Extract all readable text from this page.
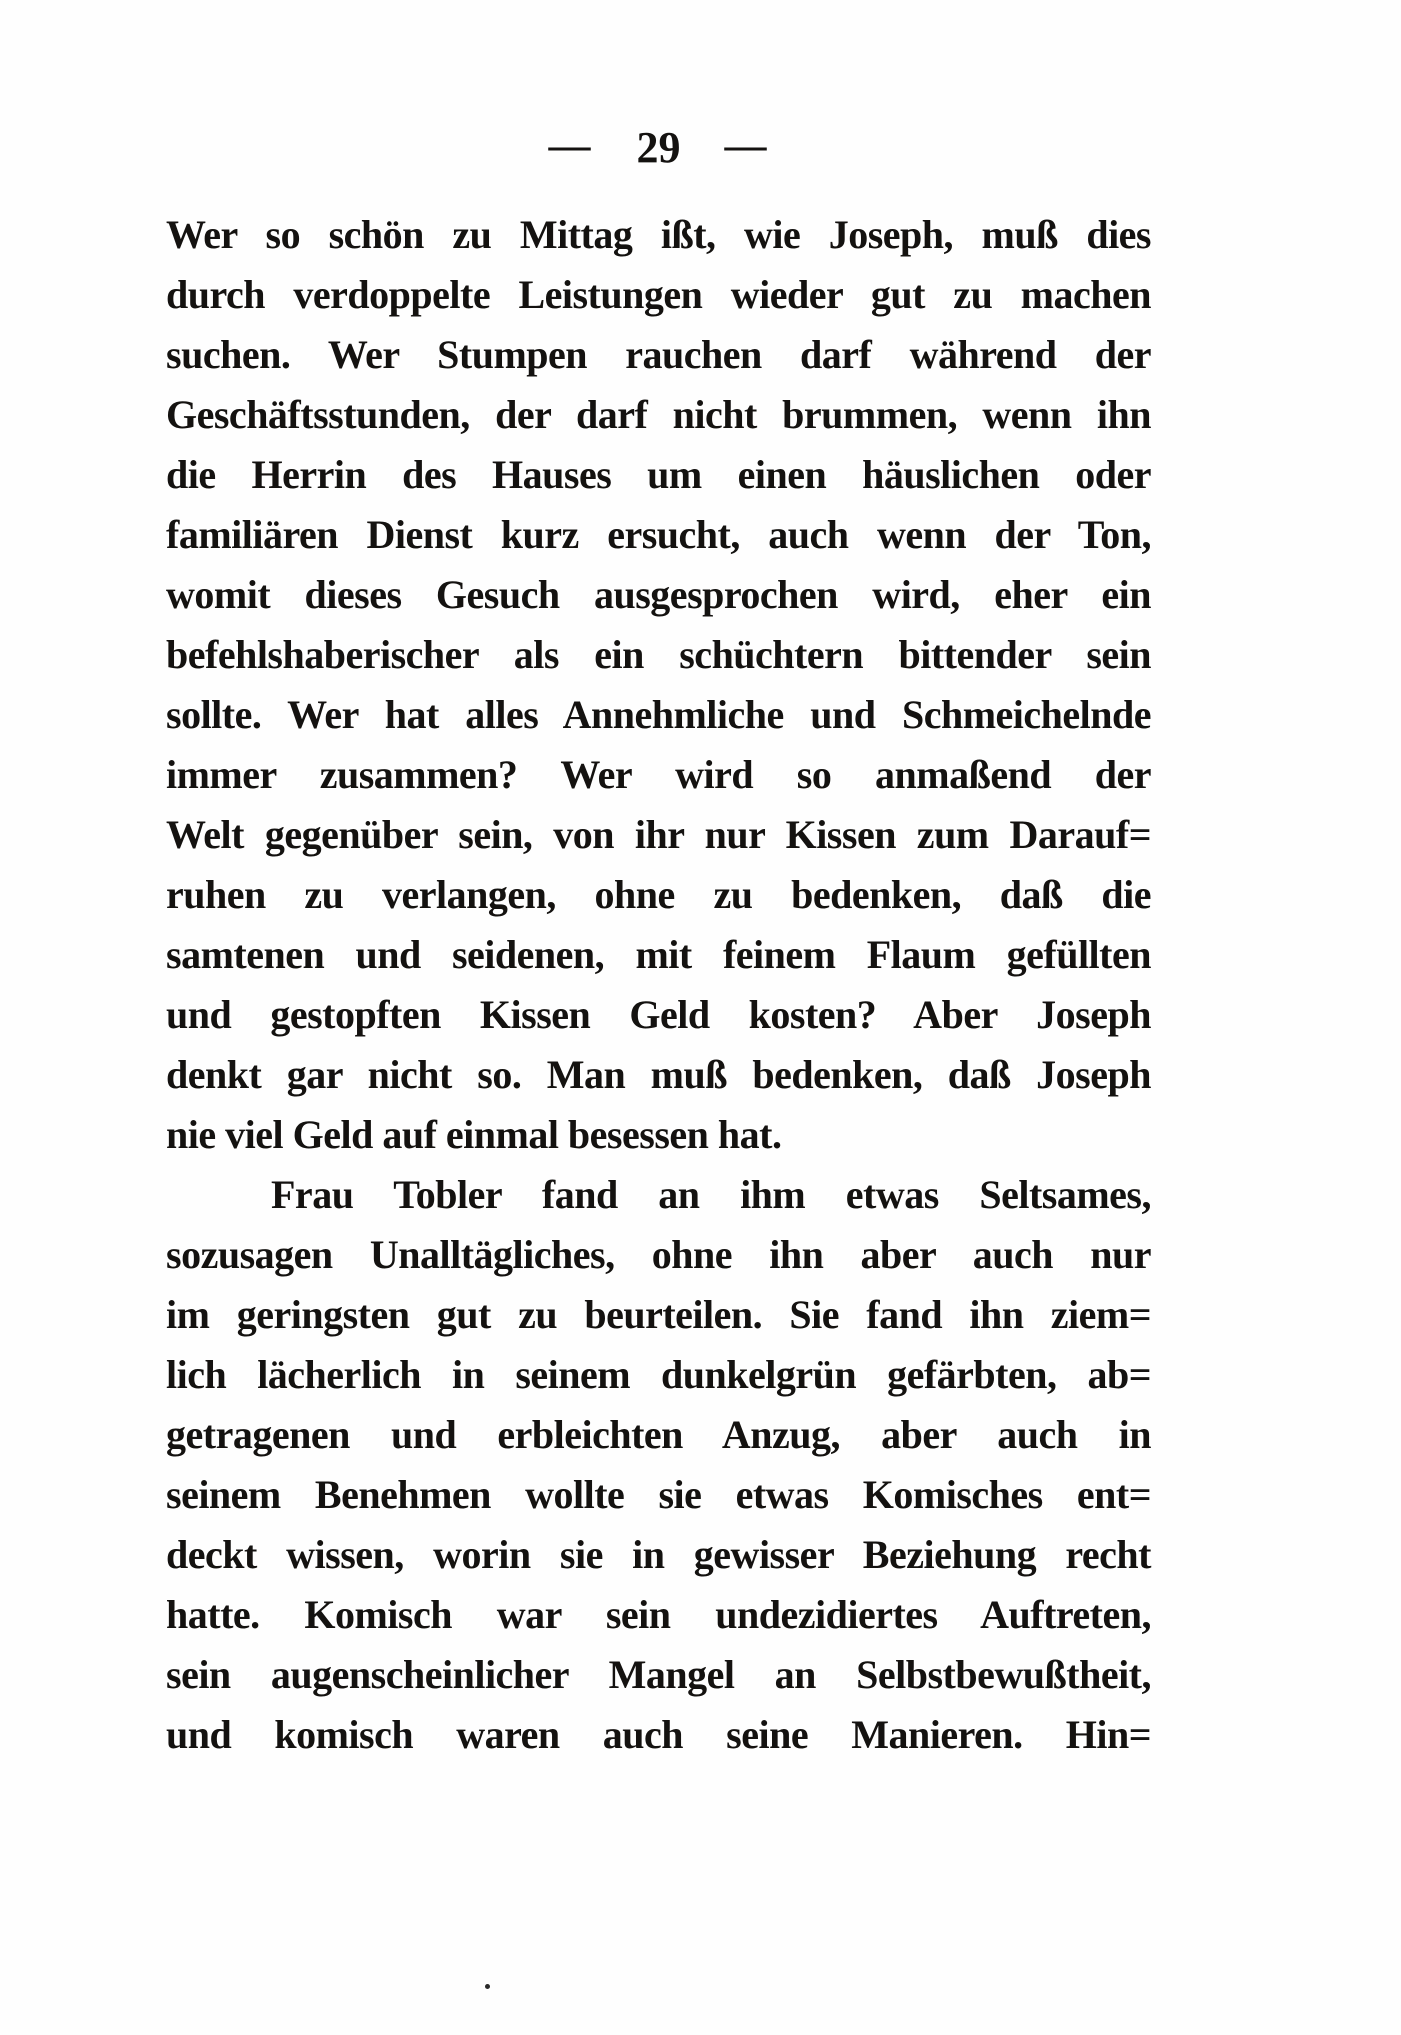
— 29 —
Wer so schön zu Mittag ißt, wie Joseph, muß dies
durch verdoppelte Leistungen wieder gut zu machen
suchen. Wer Stumpen rauchen darf während der
Geschäftsstunden, der darf nicht brummen, wenn ihn
die Herrin des Hauses um einen häuslichen oder
familiären Dienst kurz ersucht, auch wenn der Ton,
womit dieses Gesuch ausgesprochen wird, eher ein
befehlshaberischer als ein schüchtern bittender sein
sollte. Wer hat alles Annehmliche und Schmeichelnde
immer zusammen? Wer wird so anmaßend der
Welt gegenüber sein, von ihr nur Kissen zum Darauf=
ruhen zu verlangen, ohne zu bedenken, daß die
samtenen und seidenen, mit feinem Flaum gefüllten
und gestopften Kissen Geld kosten? Aber Joseph
denkt gar nicht so. Man muß bedenken, daß Joseph
nie viel Geld auf einmal besessen hat.
Frau Tobler fand an ihm etwas Seltsames,
sozusagen Unalltägliches, ohne ihn aber auch nur
im geringsten gut zu beurteilen. Sie fand ihn ziem=
lich lächerlich in seinem dunkelgrün gefärbten, ab=
getragenen und erbleichten Anzug, aber auch in
seinem Benehmen wollte sie etwas Komisches ent=
deckt wissen, worin sie in gewisser Beziehung recht
hatte. Komisch war sein undezidiertes Auftreten,
sein augenscheinlicher Mangel an Selbstbewußtheit,
und komisch waren auch seine Manieren. Hin=
